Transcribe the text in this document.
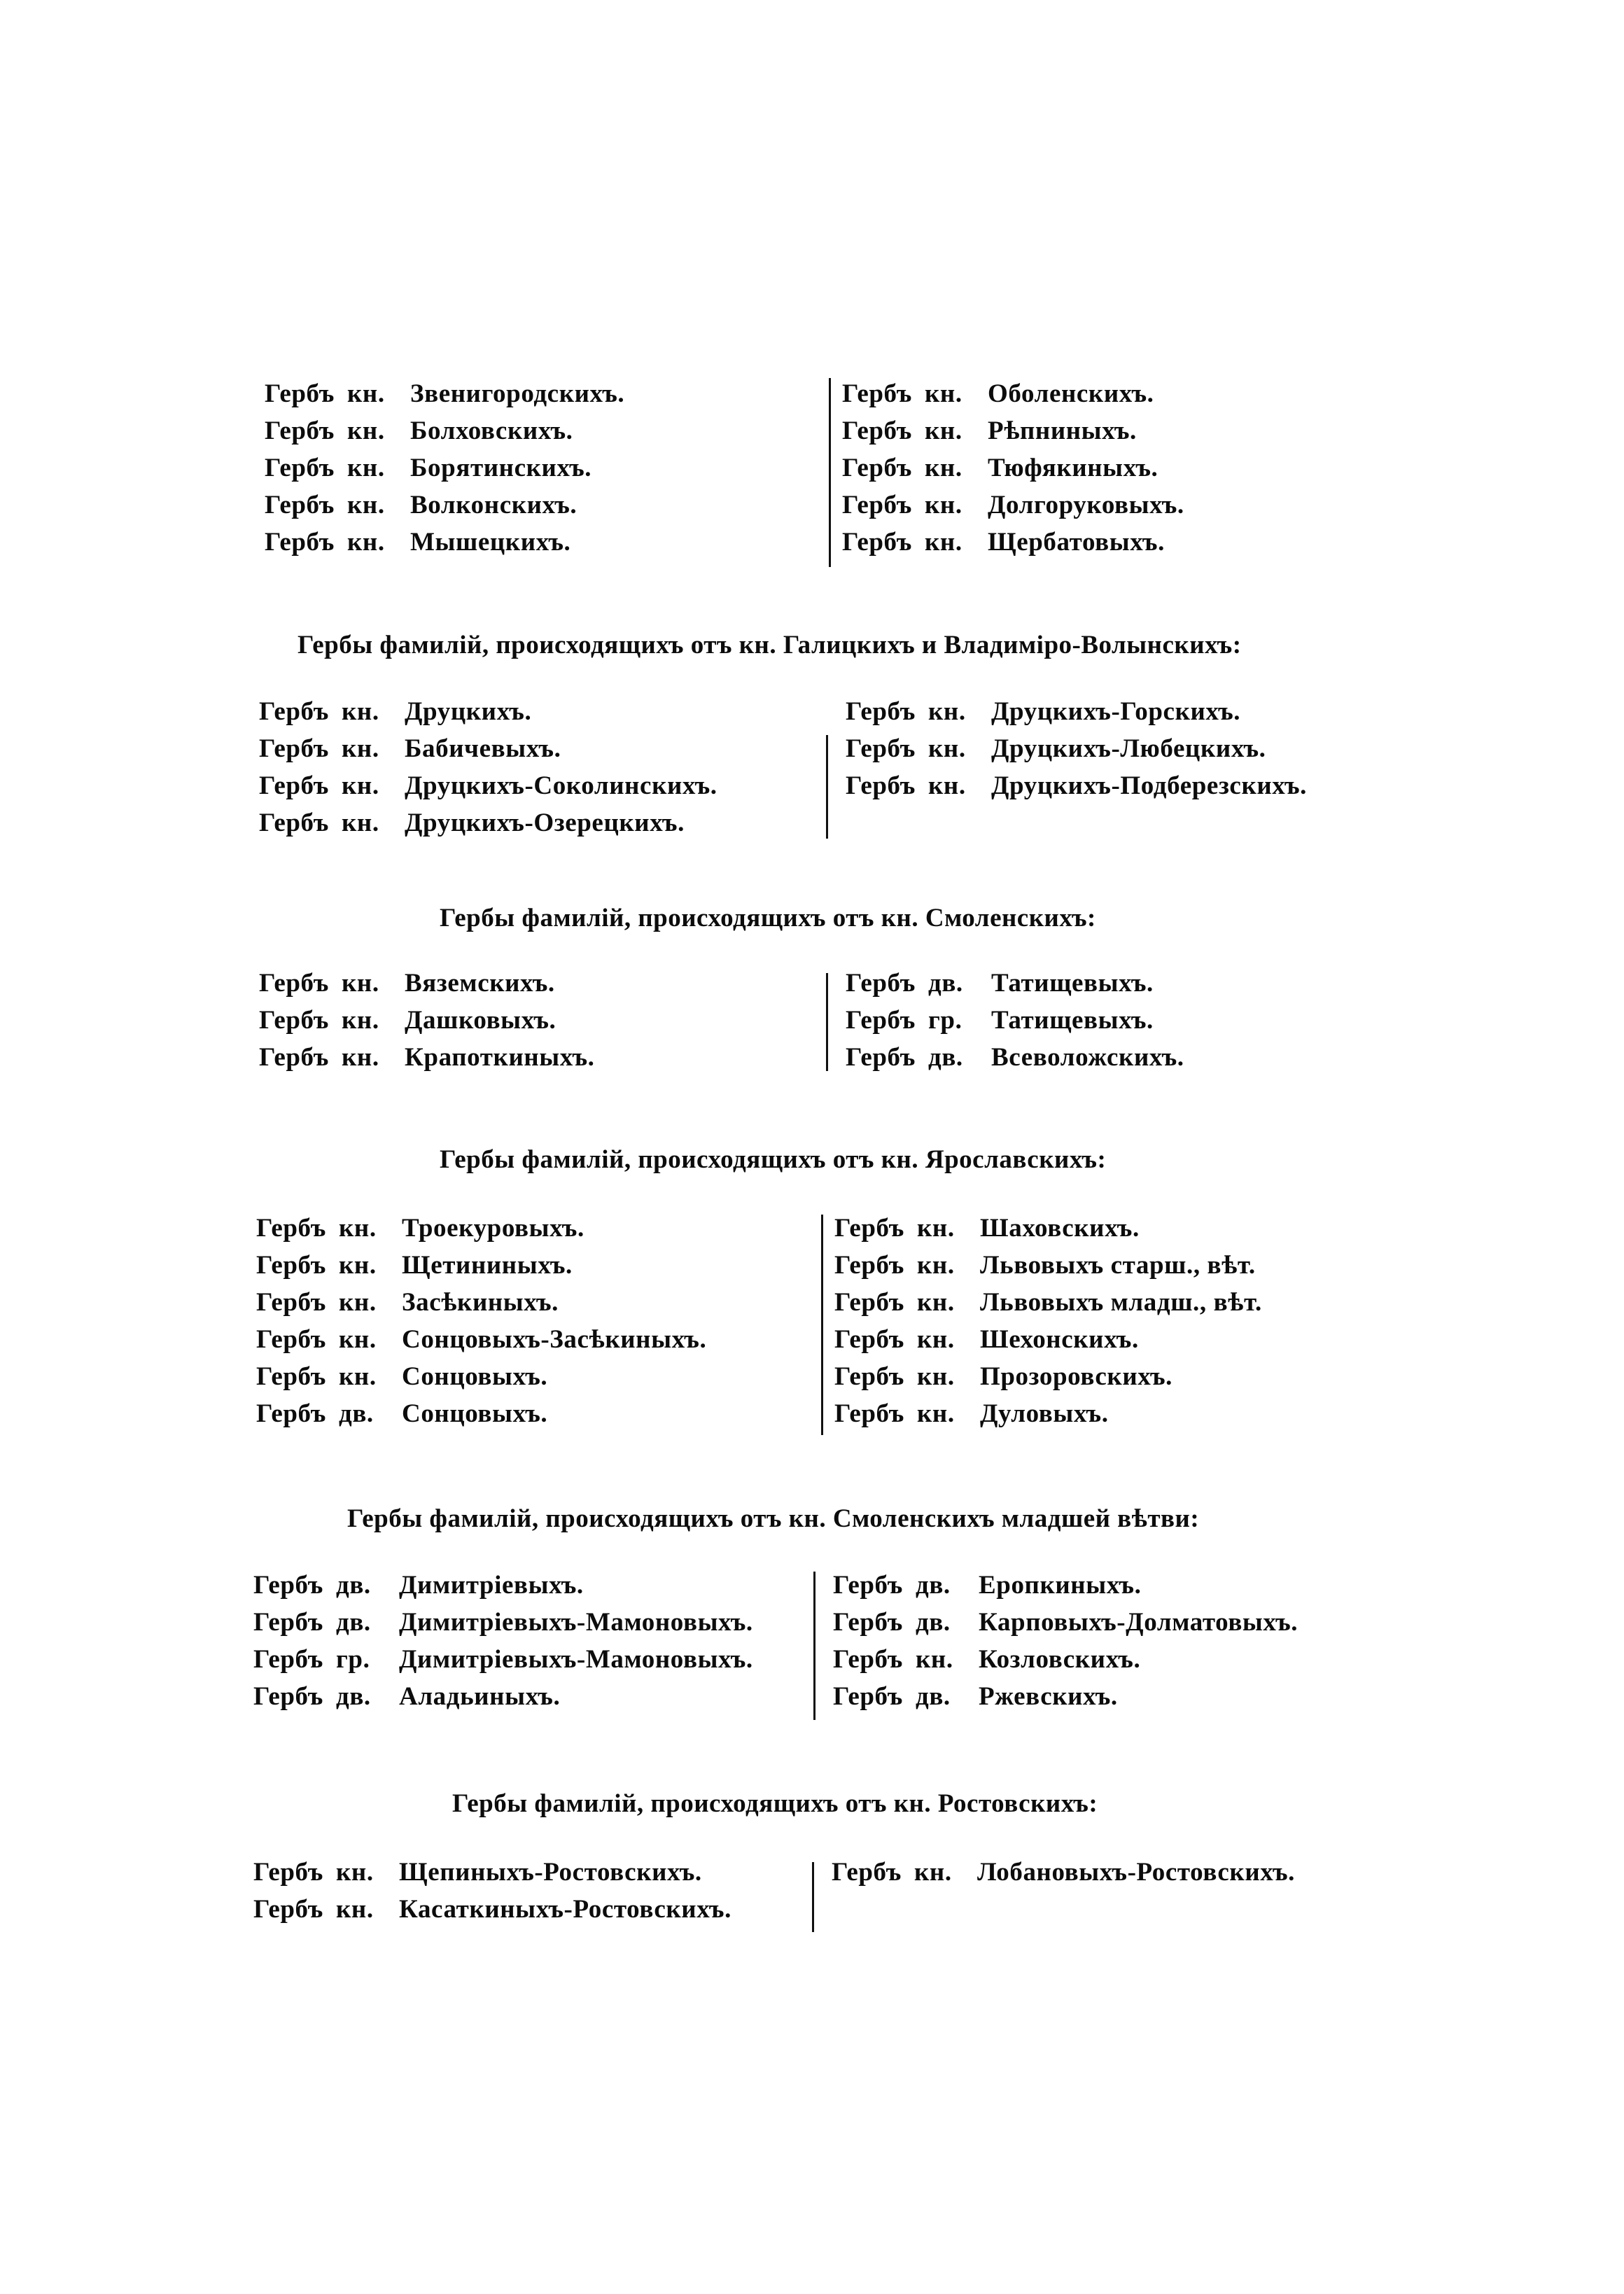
Гербъ кн. Звенигородскихъ.
Гербъ кн. Болховскихъ.
Гербъ кн. Борятинскихъ.
Гербъ кн. Волконскихъ.
Гербъ кн. Мышецкихъ.
Гербъ кн. Оболенскихъ.
Гербъ кн. Рѣпниныхъ.
Гербъ кн. Тюфякиныхъ.
Гербъ кн. Долгоруковыхъ.
Гербъ кн. Щербатовыхъ.
Гербы фамилій, происходящихъ отъ кн. Галицкихъ и Владиміро-Волынскихъ:
Гербъ кн. Друцкихъ.
Гербъ кн. Бабичевыхъ.
Гербъ кн. Друцкихъ-Соколинскихъ.
Гербъ кн. Друцкихъ-Озерецкихъ.
Гербъ кн. Друцкихъ-Горскихъ.
Гербъ кн. Друцкихъ-Любецкихъ.
Гербъ кн. Друцкихъ-Подберезскихъ.
Гербы фамилій, происходящихъ отъ кн. Смоленскихъ:
Гербъ кн. Вяземскихъ.
Гербъ кн. Дашковыхъ.
Гербъ кн. Крапоткиныхъ.
Гербъ дв. Татищевыхъ.
Гербъ гр. Татищевыхъ.
Гербъ дв. Всеволожскихъ.
Гербы фамилій, происходящихъ отъ кн. Ярославскихъ:
Гербъ кн. Троекуровыхъ.
Гербъ кн. Щетининыхъ.
Гербъ кн. Засѣкиныхъ.
Гербъ кн. Сонцовыхъ-Засѣкиныхъ.
Гербъ кн. Сонцовыхъ.
Гербъ дв. Сонцовыхъ.
Гербъ кн. Шаховскихъ.
Гербъ кн. Львовыхъ старш., вѣт.
Гербъ кн. Львовыхъ младш., вѣт.
Гербъ кн. Шехонскихъ.
Гербъ кн. Прозоровскихъ.
Гербъ кн. Дуловыхъ.
Гербы фамилій, происходящихъ отъ кн. Смоленскихъ младшей вѣтви:
Гербъ дв. Димитріевыхъ.
Гербъ дв. Димитріевыхъ-Мамоновыхъ.
Гербъ гр. Димитріевыхъ-Мамоновыхъ.
Гербъ дв. Аладьиныхъ.
Гербъ дв. Еропкиныхъ.
Гербъ дв. Карповыхъ-Долматовыхъ.
Гербъ кн. Козловскихъ.
Гербъ дв. Ржевскихъ.
Гербы фамилій, происходящихъ отъ кн. Ростовскихъ:
Гербъ кн. Щепиныхъ-Ростовскихъ.
Гербъ кн. Касаткиныхъ-Ростовскихъ.
Гербъ кн. Лобановыхъ-Ростовскихъ.
